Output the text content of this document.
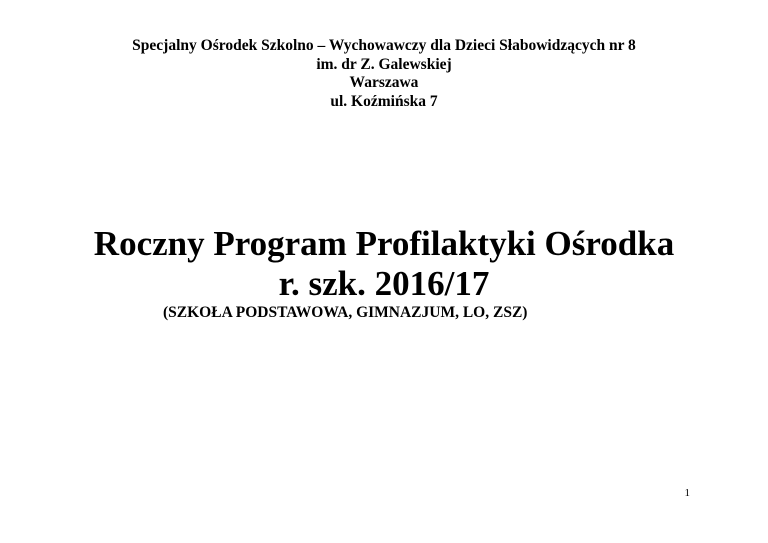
Specjalny Ośrodek Szkolno – Wychowawczy dla Dzieci Słabowidzących nr 8
im. dr Z. Galewskiej
Warszawa
ul. Koźmińska 7
Roczny Program Profilaktyki Ośrodka
r. szk. 2016/17
(SZKOŁA PODSTAWOWA, GIMNAZJUM, LO, ZSZ)
1
